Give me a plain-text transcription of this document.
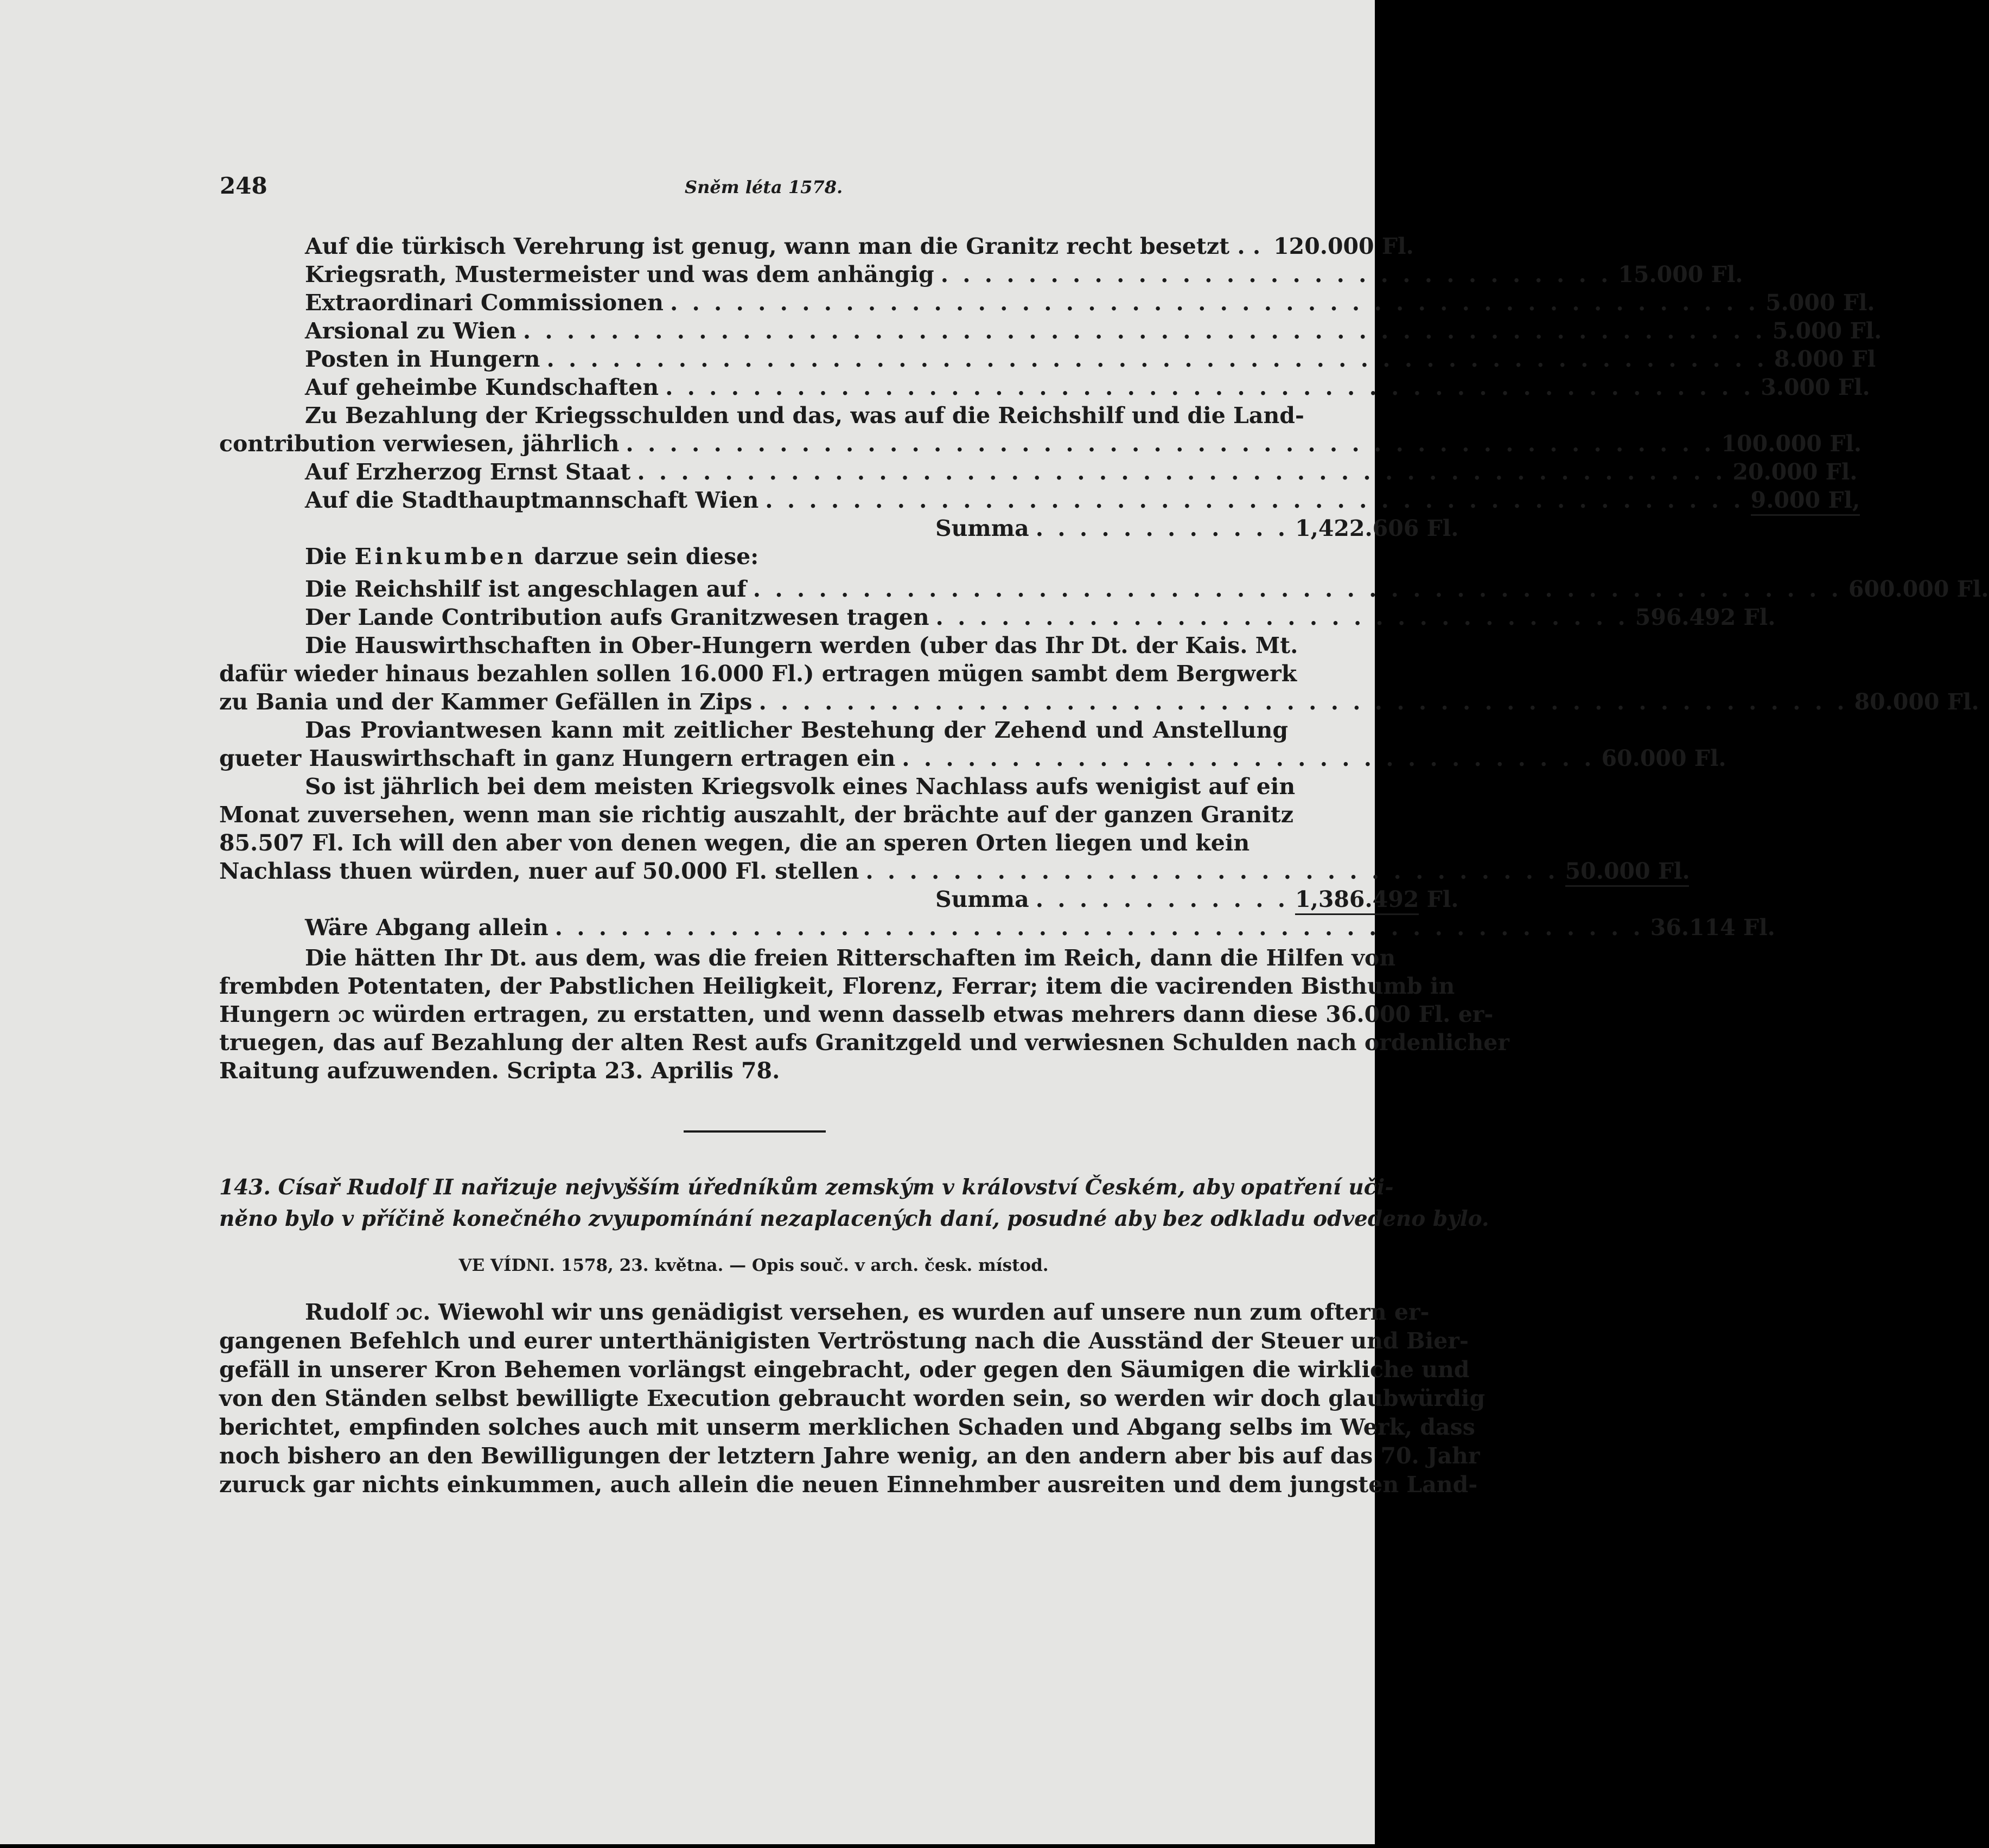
248	Sněm léta 1578.
Auf die türkisch Verehrung ist genug, wann man die Granitz recht besetzt . . 120.000 Fl.
Kriegsrath, Mustermeister und was dem anhängig . . . . . . . . . . . . . . . . . . . . . . . . . . . . . . . 15.000 Fl.
Extraordinari Commissionen . . . . . . . . . . . . . . . . . . . . . . . . . . . . . . . . . . . . . . . . . . . . . . . . . . 5.000 Fl.
Arsional zu Wien . . . . . . . . . . . . . . . . . . . . . . . . . . . . . . . . . . . . . . . . . . . . . . . . . . . . . . . . . 5.000 Fl.
Posten in Hungern . . . . . . . . . . . . . . . . . . . . . . . . . . . . . . . . . . . . . . . . . . . . . . . . . . . . . . . . 8.000 Fl
Auf geheimbe Kundschaften . . . . . . . . . . . . . . . . . . . . . . . . . . . . . . . . . . . . . . . . . . . . . . . . . . 3.000 Fl.
Zu Bezahlung der Kriegsschulden und das, was auf die Reichshilf und die Land-
contribution verwiesen, jährlich . . . . . . . . . . . . . . . . . . . . . . . . . . . . . . . . . . . . . . . . . . . . . . . . . . 100.000 Fl.
Auf Erzherzog Ernst Staat . . . . . . . . . . . . . . . . . . . . . . . . . . . . . . . . . . . . . . . . . . . . . . . . . . 20.000 Fl.
Auf die Stadthauptmannschaft Wien . . . . . . . . . . . . . . . . . . . . . . . . . . . . . . . . . . . . . . . . . . . . . 9.000 Fl,
Summa . . . . . . . . . . . . 1,422.606 Fl.
Die
Einkumben
darzue sein diese:
Die Reichshilf ist angeschlagen auf . . . . . . . . . . . . . . . . . . . . . . . . . . . . . . . . . . . . . . . . . . . . . . . . . . 600.000 Fl.
Der Lande Contribution aufs Granitzwesen tragen . . . . . . . . . . . . . . . . . . . . . . . . . . . . . . . . 596.492 Fl.
Die Hauswirthschaften in Ober-Hungern werden (uber das Ihr Dt. der Kais. Mt.
dafür wieder hinaus bezahlen sollen 16.000 Fl.) ertragen mügen sambt dem Bergwerk
zu Bania und der Kammer Gefällen in Zips . . . . . . . . . . . . . . . . . . . . . . . . . . . . . . . . . . . . . . . . . . . . . . . . . . 80.000 Fl.
Das Proviantwesen kann mit zeitlicher Bestehung der Zehend und Anstellung
gueter Hauswirthschaft in ganz Hungern ertragen ein . . . . . . . . . . . . . . . . . . . . . . . . . . . . . . . . 60.000 Fl.
So ist jährlich bei dem meisten Kriegsvolk eines Nachlass aufs wenigist auf ein
Monat zuversehen, wenn man sie richtig auszahlt, der brächte auf der ganzen Granitz
85.507 Fl. Ich will den aber von denen wegen, die an speren Orten liegen und kein
Nachlass thuen würden, nuer auf 50.000 Fl. stellen . . . . . . . . . . . . . . . . . . . . . . . . . . . . . . . . 50.000 Fl.
Summa . . . . . . . . . . . . 1,386.492 Fl.
Wäre Abgang allein . . . . . . . . . . . . . . . . . . . . . . . . . . . . . . . . . . . . . . . . . . . . . . . . . . 36.114 Fl.
Die hätten Ihr Dt. aus dem, was die freien Ritterschaften im Reich, dann die Hilfen von
frembden Potentaten, der Pabstlichen Heiligkeit, Florenz, Ferrar; item die vacirenden Bisthumb in
Hungern ɔc würden ertragen, zu erstatten, und wenn dasselb etwas mehrers dann diese 36.000 Fl. er-
truegen, das auf Bezahlung der alten Rest aufs Granitzgeld und verwiesnen Schulden nach ordenlicher
Raitung aufzuwenden. Scripta 23. Aprilis 78.
143. Císař Rudolf II nařizuje nejvyšším úředníkům zemským v království Českém, aby opatření uči-
něno bylo v příčině konečného zvyupomínání nezaplacených daní, posudné aby bez odkladu odvedeno bylo.
VE VÍDNI. 1578, 23. května. — Opis souč. v arch. česk. místod.
Rudolf ɔc. Wiewohl wir uns genädigist versehen, es wurden auf unsere nun zum oftern er-
gangenen Befehlch und eurer unterthänigisten Vertröstung nach die Ausständ der Steuer und Bier-
gefäll in unserer Kron Behemen vorlängst eingebracht, oder gegen den Säumigen die wirkliche und
von den Ständen selbst bewilligte Execution gebraucht worden sein, so werden wir doch glaubwürdig
berichtet, empfinden solches auch mit unserm merklichen Schaden und Abgang selbs im Werk, dass
noch bishero an den Bewilligungen der letztern Jahre wenig, an den andern aber bis auf das 70. Jahr
zuruck gar nichts einkummen, auch allein die neuen Einnehmber ausreiten und dem jungsten Land-
